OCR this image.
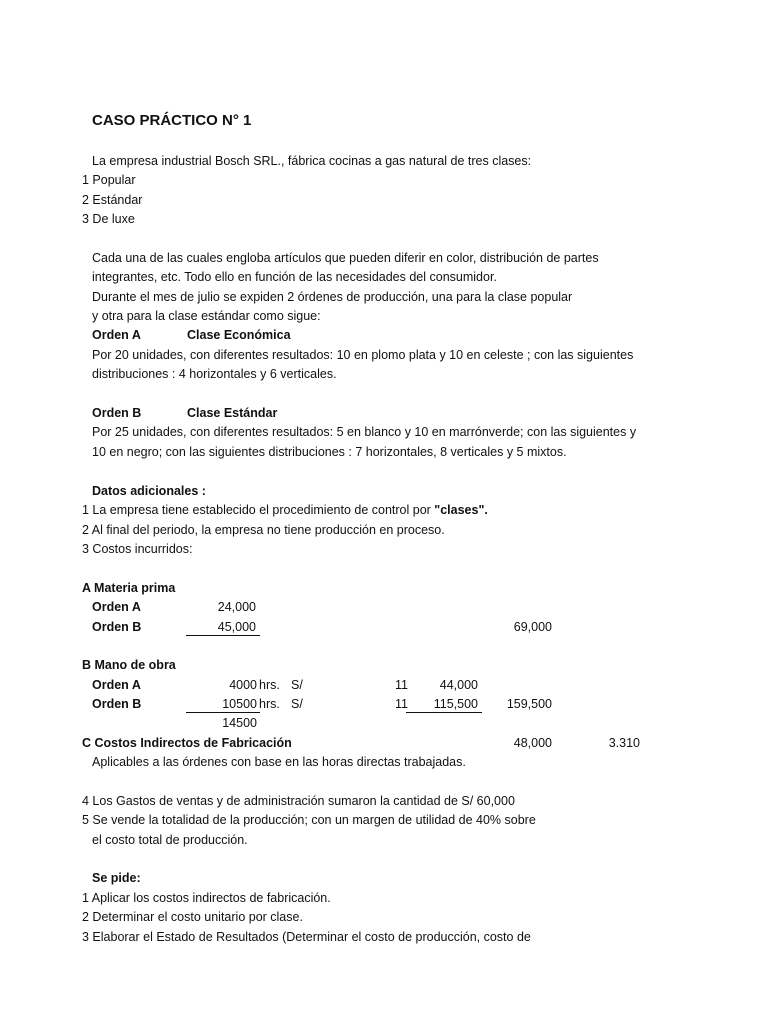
CASO PRÁCTICO N° 1
La empresa industrial Bosch SRL., fábrica cocinas a gas natural de tres clases:
1 Popular
2 Estándar
3 De luxe
Cada una de las cuales engloba artículos que pueden diferir en color, distribución de partes
integrantes, etc. Todo ello en función de las necesidades del consumidor.
Durante el mes de julio se expiden 2 órdenes de producción, una para la clase popular
y otra para la clase estándar como sigue:
Orden A	Clase Económica
Por 20 unidades, con diferentes resultados: 10 en plomo plata y 10 en celeste ; con las siguientes
distribuciones : 4 horizontales y 6 verticales.
Orden B	Clase Estándar
Por 25 unidades, con diferentes resultados: 5 en blanco y 10 en marrónverde; con las siguientes y
10 en negro; con las siguientes distribuciones : 7 horizontales, 8 verticales y 5 mixtos.
Datos adicionales :
1 La empresa tiene establecido el procedimiento de control por "clases".
2 Al final del periodo, la empresa no tiene producción en proceso.
3 Costos incurridos:
A Materia prima
Orden A	24,000
Orden B	45,000	69,000
B Mano de obra
Orden A	4000 hrs. S/	11	44,000
Orden B	10500 hrs. S/	11	115,500	159,500
14500
C Costos Indirectos de Fabricación	48,000	3.310
Aplicables a las órdenes con base en las horas directas trabajadas.
4 Los Gastos de ventas y de administración sumaron la cantidad de S/ 60,000
5 Se vende la totalidad de la producción; con un margen de utilidad de 40% sobre
el costo total de producción.
Se pide:
1 Aplicar los costos indirectos de fabricación.
2 Determinar el costo unitario por clase.
3 Elaborar el Estado de Resultados (Determinar el costo de producción, costo de
